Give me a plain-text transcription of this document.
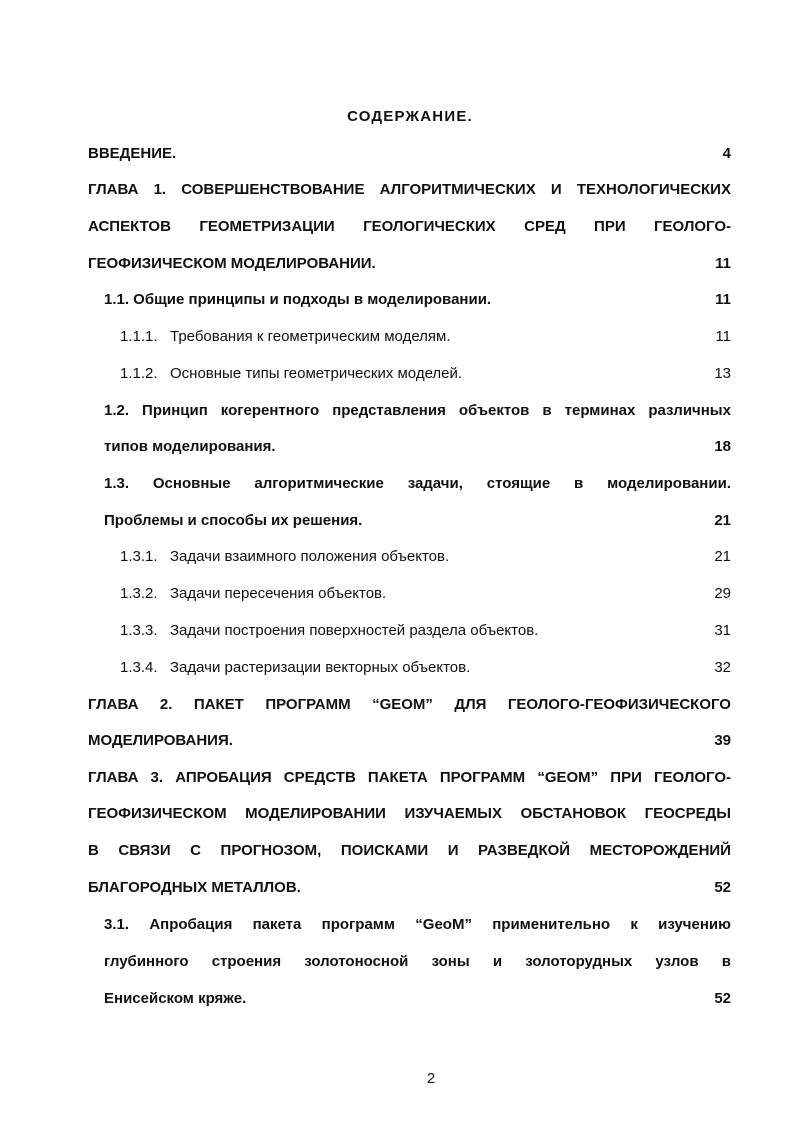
СОДЕРЖАНИЕ.
ВВЕДЕНИЕ.	4
ГЛАВА 1. СОВЕРШЕНСТВОВАНИЕ АЛГОРИТМИЧЕСКИХ И ТЕХНОЛОГИЧЕСКИХ
АСПЕКТОВ ГЕОМЕТРИЗАЦИИ ГЕОЛОГИЧЕСКИХ СРЕД ПРИ ГЕОЛОГО-
ГЕОФИЗИЧЕСКОМ МОДЕЛИРОВАНИИ.	11
1.1. Общие принципы и подходы в моделировании.	11
1.1.1. Требования к геометрическим моделям.	11
1.1.2. Основные типы геометрических моделей.	13
1.2. Принцип когерентного представления объектов в терминах различных
типов моделирования.	18
1.3. Основные алгоритмические задачи, стоящие в моделировании.
Проблемы и способы их решения.	21
1.3.1. Задачи взаимного положения объектов.	21
1.3.2. Задачи пересечения объектов.	29
1.3.3. Задачи построения поверхностей раздела объектов.	31
1.3.4. Задачи растеризации векторных объектов.	32
ГЛАВА 2. ПАКЕТ ПРОГРАММ “GEOM” ДЛЯ ГЕОЛОГО-ГЕОФИЗИЧЕСКОГО
МОДЕЛИРОВАНИЯ.	39
ГЛАВА 3. АПРОБАЦИЯ СРЕДСТВ ПАКЕТА ПРОГРАММ “GEOM” ПРИ ГЕОЛОГО-
ГЕОФИЗИЧЕСКОМ МОДЕЛИРОВАНИИ ИЗУЧАЕМЫХ ОБСТАНОВОК ГЕОСРЕДЫ
В СВЯЗИ С ПРОГНОЗОМ, ПОИСКАМИ И РАЗВЕДКОЙ МЕСТОРОЖДЕНИЙ
БЛАГОРОДНЫХ МЕТАЛЛОВ.	52
3.1. Апробация пакета программ “GeoM” применительно к изучению
глубинного строения золотоносной зоны и золоторудных узлов в
Енисейском кряже.	52
2
